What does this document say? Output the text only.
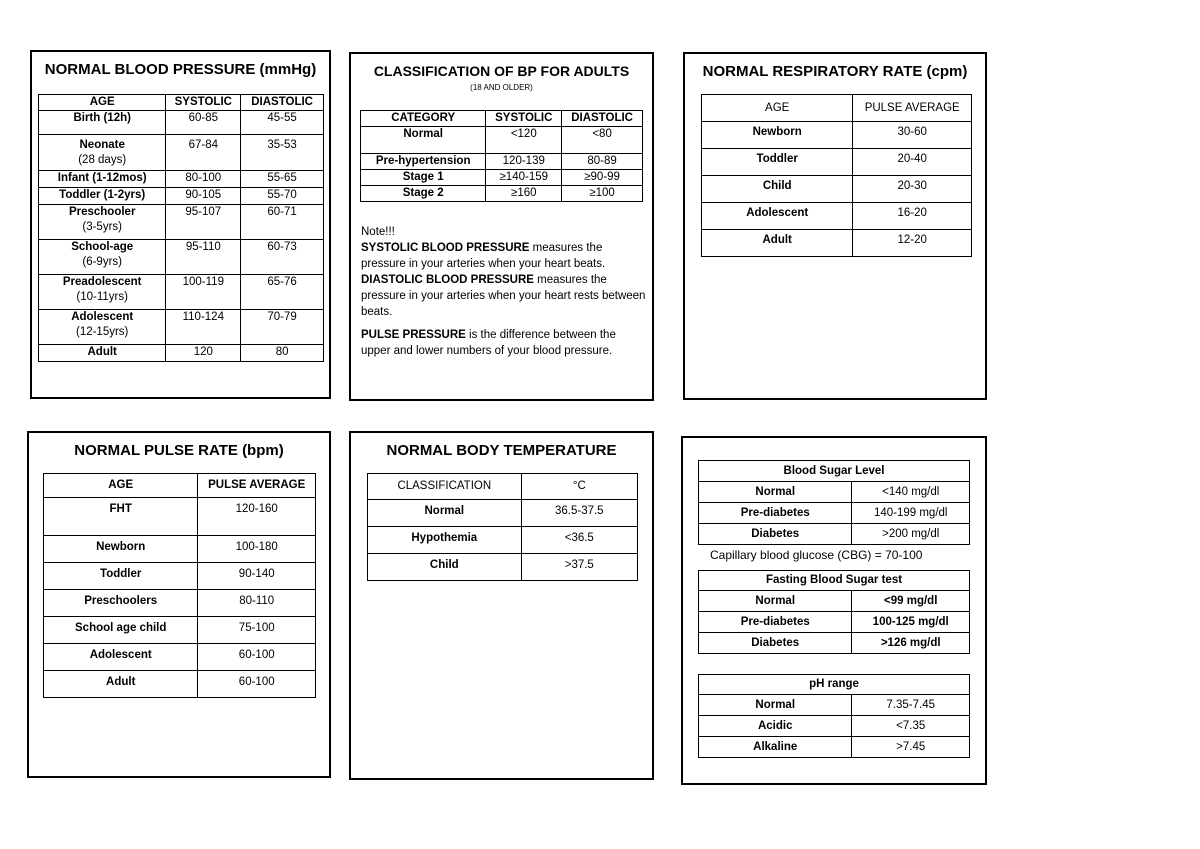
NORMAL BLOOD PRESSURE (mmHg)
AGE	SYSTOLIC	DIASTOLIC
Birth (12h)	60-85	45-55
Neonate
(28 days)	67-84	35-53
Infant (1-12mos)	80-100	55-65
Toddler (1-2yrs)	90-105	55-70
Preschooler
(3-5yrs)	95-107	60-71
School-age
(6-9yrs)	95-110	60-73
Preadolescent
(10-11yrs)	100-119	65-76
Adolescent
(12-15yrs)	110-124	70-79
Adult	120	80
CLASSIFICATION OF BP FOR ADULTS
(18 AND OLDER)
CATEGORY	SYSTOLIC	DIASTOLIC
Normal	<120	<80
Pre-hypertension	120-139	80-89
Stage 1	≥140-159	≥90-99
Stage 2	≥160	≥100
Note!!!
SYSTOLIC BLOOD PRESSURE measures the pressure in your arteries when your heart beats.
DIASTOLIC BLOOD PRESSURE measures the pressure in your arteries when your heart rests between beats.
PULSE PRESSURE is the difference between the upper and lower numbers of your blood pressure.
NORMAL RESPIRATORY RATE (cpm)
AGE	PULSE AVERAGE
Newborn	30-60
Toddler	20-40
Child	20-30
Adolescent	16-20
Adult	12-20
NORMAL PULSE RATE (bpm)
AGE	PULSE AVERAGE
FHT	120-160
Newborn	100-180
Toddler	90-140
Preschoolers	80-110
School age child	75-100
Adolescent	60-100
Adult	60-100
NORMAL BODY TEMPERATURE
CLASSIFICATION	°C
Normal	36.5-37.5
Hypothemia	<36.5
Child	>37.5
Blood Sugar Level	
Normal	<140 mg/dl
Pre-diabetes	140-199 mg/dl
Diabetes	>200 mg/dl
Capillary blood glucose (CBG) = 70-100
Fasting Blood Sugar test	
Normal	<99 mg/dl
Pre-diabetes	100-125 mg/dl
Diabetes	>126 mg/dl
pH range	
Normal	7.35-7.45
Acidic	<7.35
Alkaline	>7.45
